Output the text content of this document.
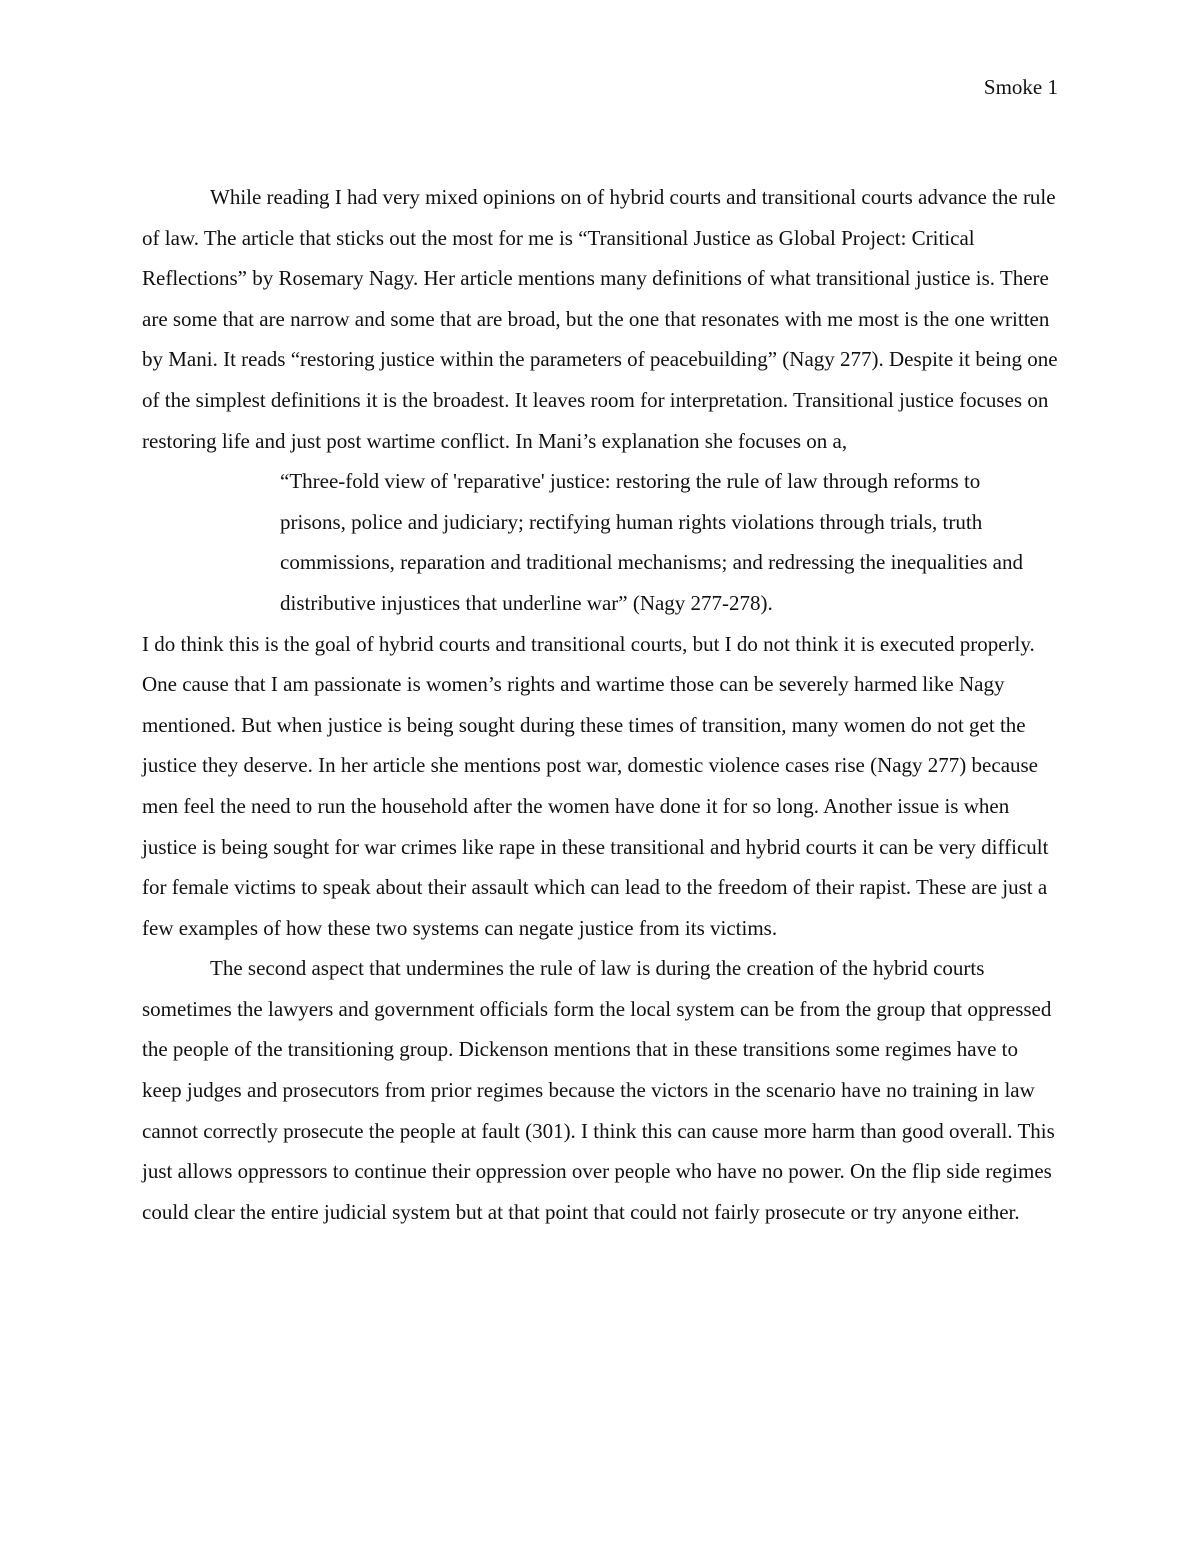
Smoke 1

While reading I had very mixed opinions on of hybrid courts and transitional courts advance the rule of law. The article that sticks out the most for me is “Transitional Justice as Global Project: Critical Reflections” by Rosemary Nagy. Her article mentions many definitions of what transitional justice is. There are some that are narrow and some that are broad, but the one that resonates with me most is the one written by Mani. It reads “restoring justice within the parameters of peacebuilding” (Nagy 277). Despite it being one of the simplest definitions it is the broadest. It leaves room for interpretation. Transitional justice focuses on restoring life and just post wartime conflict. In Mani’s explanation she focuses on a,

“Three-fold view of 'reparative' justice: restoring the rule of law through reforms to prisons, police and judiciary; rectifying human rights violations through trials, truth commissions, reparation and traditional mechanisms; and redressing the inequalities and distributive injustices that underline war” (Nagy 277-278).

I do think this is the goal of hybrid courts and transitional courts, but I do not think it is executed properly. One cause that I am passionate is women’s rights and wartime those can be severely harmed like Nagy mentioned. But when justice is being sought during these times of transition, many women do not get the justice they deserve. In her article she mentions post war, domestic violence cases rise (Nagy 277) because men feel the need to run the household after the women have done it for so long. Another issue is when justice is being sought for war crimes like rape in these transitional and hybrid courts it can be very difficult for female victims to speak about their assault which can lead to the freedom of their rapist. These are just a few examples of how these two systems can negate justice from its victims.

The second aspect that undermines the rule of law is during the creation of the hybrid courts sometimes the lawyers and government officials form the local system can be from the group that oppressed the people of the transitioning group. Dickenson mentions that in these transitions some regimes have to keep judges and prosecutors from prior regimes because the victors in the scenario have no training in law cannot correctly prosecute the people at fault (301). I think this can cause more harm than good overall. This just allows oppressors to continue their oppression over people who have no power. On the flip side regimes could clear the entire judicial system but at that point that could not fairly prosecute or try anyone either.
